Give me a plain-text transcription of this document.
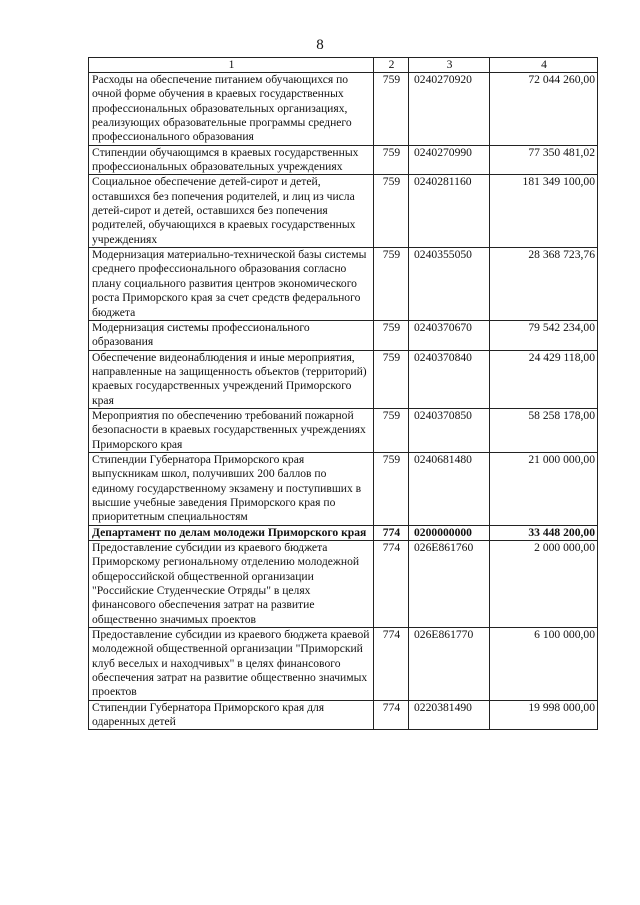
8
1	2	3	4
Расходы на обеспечение питанием обучающихся по очной форме обучения в краевых государственных профессиональных образовательных организациях, реализующих образовательные программы среднего профессионального образования	759	0240270920	72 044 260,00
Стипендии обучающимся в краевых государственных профессиональных образовательных учреждениях	759	0240270990	77 350 481,02
Социальное обеспечение детей-сирот и детей, оставшихся без попечения родителей, и лиц из числа детей-сирот и детей, оставшихся без попечения родителей, обучающихся в краевых государственных учреждениях	759	0240281160	181 349 100,00
Модернизация материально-технической базы системы среднего профессионального образования согласно плану социального развития центров экономического роста Приморского края за счет средств федерального бюджета	759	0240355050	28 368 723,76
Модернизация системы профессионального образования	759	0240370670	79 542 234,00
Обеспечение видеонаблюдения и иные мероприятия, направленные на защищенность объектов (территорий) краевых государственных учреждений Приморского края	759	0240370840	24 429 118,00
Мероприятия по обеспечению требований пожарной безопасности в краевых государственных учреждениях Приморского края	759	0240370850	58 258 178,00
Стипендии Губернатора Приморского края выпускникам школ, получивших 200 баллов по единому государственному экзамену и поступивших в высшие учебные заведения Приморского края по приоритетным специальностям	759	0240681480	21 000 000,00
Департамент по делам молодежи Приморского края	774	0200000000	33 448 200,00
Предоставление субсидии из краевого бюджета Приморскому региональному отделению молодежной общероссийской общественной организации "Российские Студенческие Отряды" в целях финансового обеспечения затрат на развитие общественно значимых проектов	774	026Е861760	2 000 000,00
Предоставление субсидии из краевого бюджета краевой молодежной общественной организации "Приморский клуб веселых и находчивых" в целях финансового обеспечения затрат на развитие общественно значимых проектов	774	026Е861770	6 100 000,00
Стипендии Губернатора Приморского края для одаренных детей	774	0220381490	19 998 000,00
